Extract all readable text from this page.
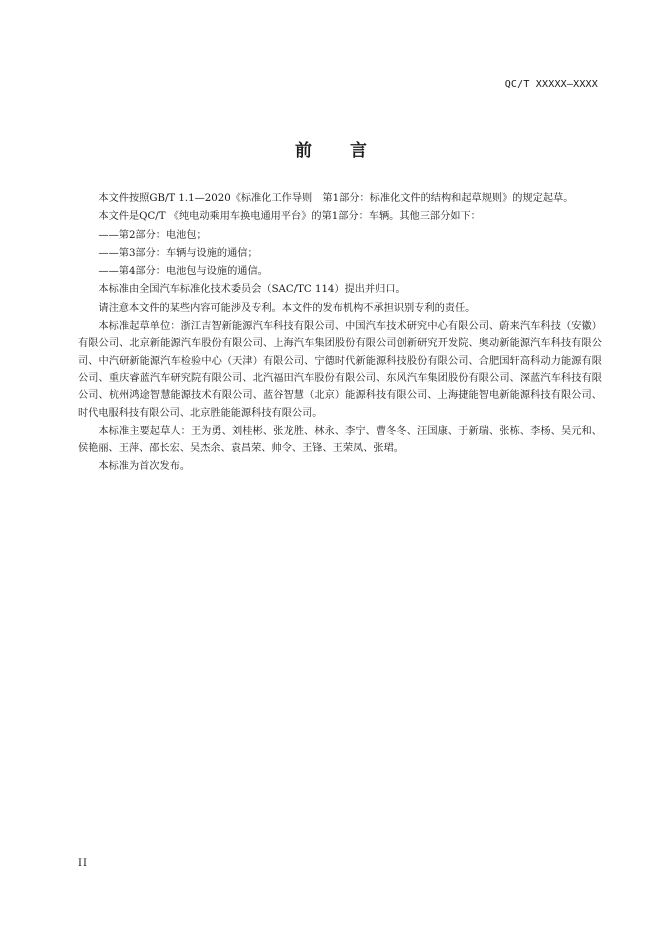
QC/T XXXXX—XXXX
前言

本文件按照GB/T 1.1—2020《标准化工作导则　第1部分：标准化文件的结构和起草规则》的规定起草。

本文件是QC/T 《纯电动乘用车换电通用平台》的第1部分：车辆。其他三部分如下：

——第2部分：电池包；

——第3部分：车辆与设施的通信；

——第4部分：电池包与设施的通信。

本标准由全国汽车标准化技术委员会（SAC/TC 114）提出并归口。

请注意本文件的某些内容可能涉及专利。本文件的发布机构不承担识别专利的责任。

本标准起草单位：浙江吉智新能源汽车科技有限公司、中国汽车技术研究中心有限公司、蔚来汽车科技（安徽）有限公司、北京新能源汽车股份有限公司、上海汽车集团股份有限公司创新研究开发院、奥动新能源汽车科技有限公司、中汽研新能源汽车检验中心（天津）有限公司、宁德时代新能源科技股份有限公司、合肥国轩高科动力能源有限公司、重庆睿蓝汽车研究院有限公司、北汽福田汽车股份有限公司、东风汽车集团股份有限公司、深蓝汽车科技有限公司、杭州鸿途智慧能源技术有限公司、蓝谷智慧（北京）能源科技有限公司、上海捷能智电新能源科技有限公司、时代电服科技有限公司、北京胜能能源科技有限公司。

本标准主要起草人：王为勇、刘桂彬、张龙胜、林永、李宁、曹冬冬、汪国康、于新瑞、张栋、李杨、吴元和、侯艳丽、王萍、邵长宏、吴杰余、袁昌荣、帅令、王锋、王荣凤、张珺。

本标准为首次发布。

II
